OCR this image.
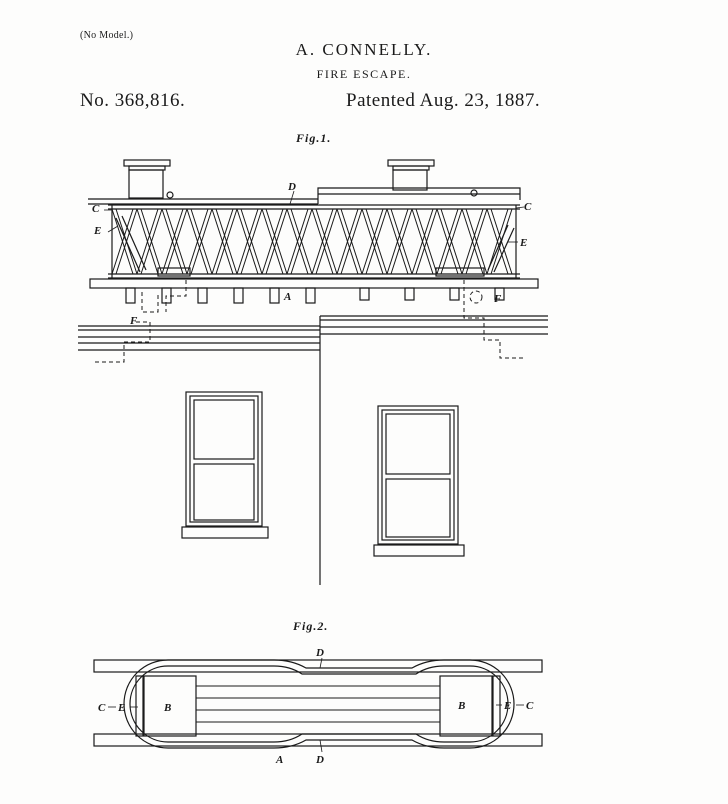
(No Model.)
A. CONNELLY.
FIRE ESCAPE.
No. 368,816.	Patented Aug. 23, 1887.
Fig.1.
D
C	C
E
E
A
F
F
Fig.2.
D
C E	B	B	E C
A	D
